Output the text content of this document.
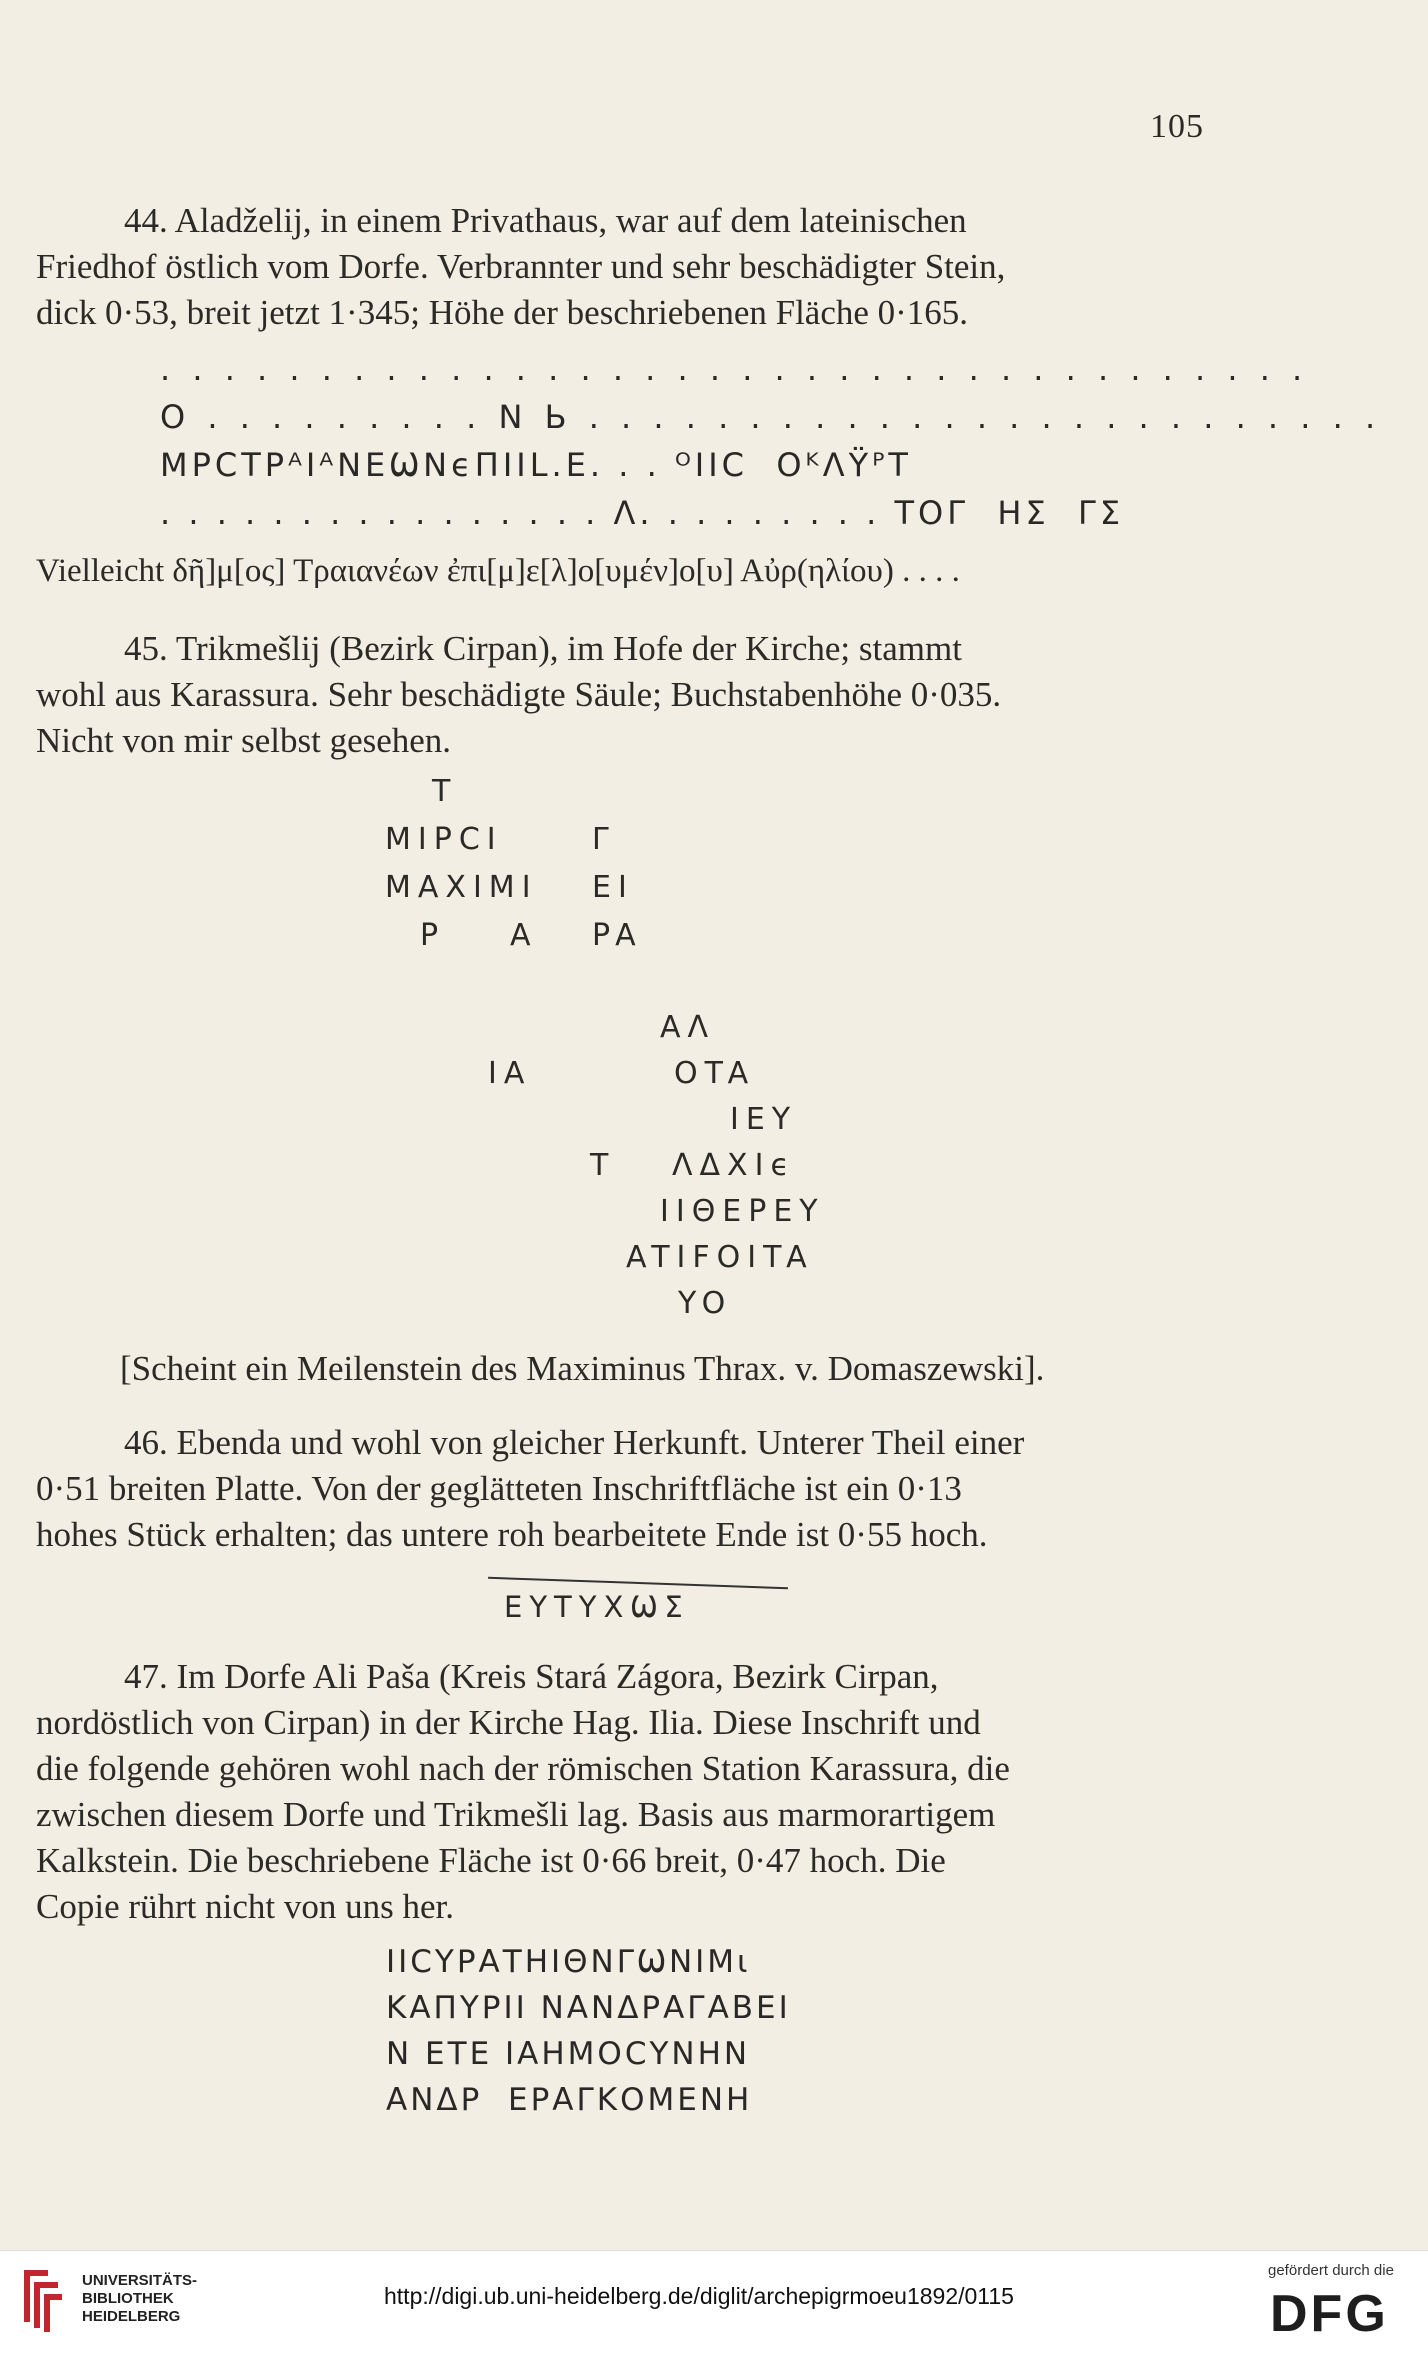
105

44. Aladželij, in einem Privathaus, war auf dem lateinischen

Friedhof östlich vom Dorfe. Verbrannter und sehr beschädigter Stein,

dick 0·53, breit jetzt 1·345; Höhe der beschriebenen Fläche 0·165.

. . . . . . . . . . . . . . . . . . . . . . . . . . . . . . . . . . . .
O . . . . . . . . . N Ь . . . . . . . . . . . . . . . . . . . . . . . . .
ΜΡϹΤΡᴬΙᴬΝΕѠΝϵΠΙΙL.Ε. . . ᴼΙΙϹ  ΟᴷΛΫᴾΤ
. . . . . . . . . . . . . . . . Λ. . . . . . . . . ΤΟΓ  ΗΣ  ΓΣ
Vielleicht δῆ]μ[ος] Τραιανέων ἐπι[μ]ε[λ]ο[υμέν]ο[υ] Αὐρ(ηλίου) . . . .

45. Trikmešlij (Bezirk Cirpan), im Hofe der Kirche; stammt

wohl aus Karassura. Sehr beschädigte Säule; Buchstabenhöhe 0·035.

Nicht von mir selbst gesehen.

T
MIPCI	Γ
MAXIMI EI
P A PA
AΛ
IA	OTA
IEY
T ΛΔXIϵ
IIΘΕΡΕΥ
ATIFOITA
YO
[Scheint ein Meilenstein des Maximinus Thrax. v. Domaszewski].

46. Ebenda und wohl von gleicher Herkunft. Unterer Theil einer

0·51 breiten Platte. Von der geglätteten Inschriftfläche ist ein 0·13

hohes Stück erhalten; das untere roh bearbeitete Ende ist 0·55 hoch.

ΕΥΤΥΧѠΣ

47. Im Dorfe Ali Paša (Kreis Stará Zágora, Bezirk Cirpan,

nordöstlich von Cirpan) in der Kirche Hag. Ilia. Diese Inschrift und

die folgende gehören wohl nach der römischen Station Karassura, die

zwischen diesem Dorfe und Trikmešli lag. Basis aus marmorartigem

Kalkstein. Die beschriebene Fläche ist 0·66 breit, 0·47 hoch. Die

Copie rührt nicht von uns her.

ΙΙϹΥΡΑΤΗΙΘΝΓѠΝΙΜι
ΚΑΠΥΡΙΙ ΝΑΝΔΡΑΓΑΒΕΙ
Ν ΕΤΕ ΙΑΗΜΟϹΥΝΗΝ
ΑΝΔΡ  ΕΡΑΓΚΟΜΕΝΗ
UNIVERSITÄTS-
BIBLIOTHEK
HEIDELBERG
http://digi.ub.uni-heidelberg.de/diglit/archepigrmoeu1892/0115
gefördert durch die
DFG
